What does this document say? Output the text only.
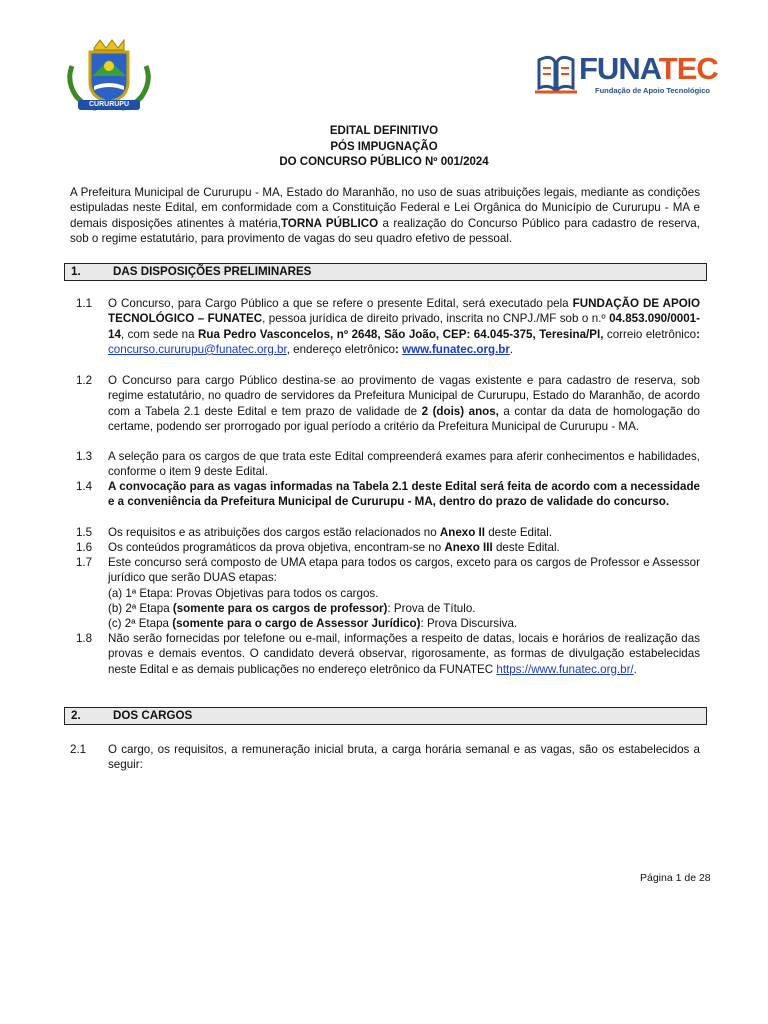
CURURUPU
FUNATEC
Fundação de Apoio Tecnológico
EDITAL DEFINITIVO
PÓS IMPUGNAÇÃO
DO CONCURSO PÚBLICO Nº 001/2024
A Prefeitura Municipal de Cururupu - MA, Estado do Maranhão, no uso de suas atribuições legais, mediante as condições estipuladas neste Edital, em conformidade com a Constituição Federal e Lei Orgânica do Município de Cururupu - MA e demais disposições atinentes à matéria,TORNA PÚBLICO a realização do Concurso Público para cadastro de reserva, sob o regime estatutário, para provimento de vagas do seu quadro efetivo de pessoal.
1.	DAS DISPOSIÇÕES PRELIMINARES
1.1	O Concurso, para Cargo Público a que se refere o presente Edital, será executado pela FUNDAÇÃO DE APOIO TECNOLÓGICO – FUNATEC, pessoa jurídica de direito privado, inscrita no CNPJ./MF sob o n.º 04.853.090/0001-14, com sede na Rua Pedro Vasconcelos, nº 2648, São João, CEP: 64.045-375, Teresina/PI, correio eletrônico: concurso.cururupu@funatec.org.br, endereço eletrônico: www.funatec.org.br.
1.2	O Concurso para cargo Público destina-se ao provimento de vagas existente e para cadastro de reserva, sob regime estatutário, no quadro de servidores da Prefeitura Municipal de Cururupu, Estado do Maranhão, de acordo com a Tabela 2.1 deste Edital e tem prazo de validade de 2 (dois) anos, a contar da data de homologação do certame, podendo ser prorrogado por igual período a critério da Prefeitura Municipal de Cururupu - MA.
1.3	A seleção para os cargos de que trata este Edital compreenderá exames para aferir conhecimentos e habilidades, conforme o item 9 deste Edital.
1.4	A convocação para as vagas informadas na Tabela 2.1 deste Edital será feita de acordo com a necessidade e a conveniência da Prefeitura Municipal de Cururupu - MA, dentro do prazo de validade do concurso.
1.5	Os requisitos e as atribuições dos cargos estão relacionados no Anexo II deste Edital.
1.6	Os conteúdos programáticos da prova objetiva, encontram-se no Anexo III deste Edital.
1.7	Este concurso será composto de UMA etapa para todos os cargos, exceto para os cargos de Professor e Assessor jurídico que serão DUAS etapas:
(a) 1ª Etapa: Provas Objetivas para todos os cargos.
(b) 2ª Etapa (somente para os cargos de professor): Prova de Título.
(c) 2ª Etapa (somente para o cargo de Assessor Jurídico): Prova Discursiva.
1.8	Não serão fornecidas por telefone ou e-mail, informações a respeito de datas, locais e horários de realização das provas e demais eventos. O candidato deverá observar, rigorosamente, as formas de divulgação estabelecidas neste Edital e as demais publicações no endereço eletrônico da FUNATEC https://www.funatec.org.br/.
2.	DOS CARGOS
2.1	O cargo, os requisitos, a remuneração inicial bruta, a carga horária semanal e as vagas, são os estabelecidos a seguir:
Página 1 de 28
